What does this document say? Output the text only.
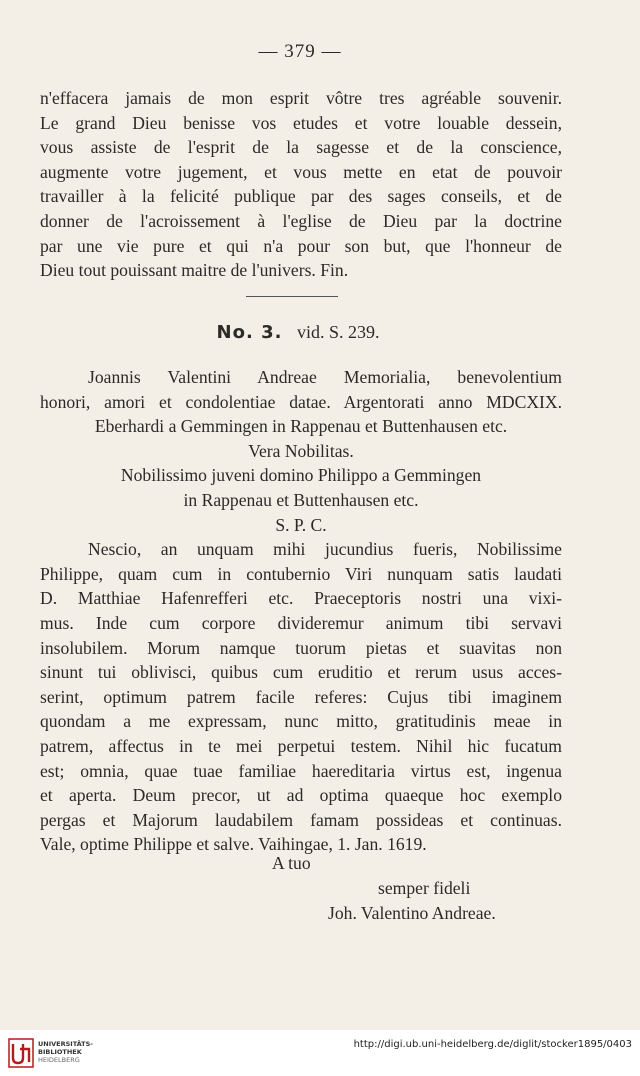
— 379 —
n'effacera jamais de mon esprit vôtre tres agréable souvenir.
Le grand Dieu benisse vos etudes et votre louable dessein,
vous assiste de l'esprit de la sagesse et de la conscience,
augmente votre jugement, et vous mette en etat de pouvoir
travailler à la felicité publique par des sages conseils, et de
donner de l'acroissement à l'eglise de Dieu par la doctrine
par une vie pure et qui n'a pour son but, que l'honneur de
Dieu tout pouissant maitre de l'univers. Fin.
No. 3. vid. S. 239.
Joannis Valentini Andreae Memorialia, benevolentium
honori, amori et condolentiae datae. Argentorati anno MDCXIX.
Eberhardi a Gemmingen in Rappenau et Buttenhausen etc.
Vera Nobilitas.
Nobilissimo juveni domino Philippo a Gemmingen
in Rappenau et Buttenhausen etc.
S. P. C.
Nescio, an unquam mihi jucundius fueris, Nobilissime
Philippe, quam cum in contubernio Viri nunquam satis laudati
D. Matthiae Hafenrefferi etc. Praeceptoris nostri una vixi-
mus. Inde cum corpore divideremur animum tibi servavi
insolubilem. Morum namque tuorum pietas et suavitas non
sinunt tui oblivisci, quibus cum eruditio et rerum usus acces-
serint, optimum patrem facile referes: Cujus tibi imaginem
quondam a me expressam, nunc mitto, gratitudinis meae in
patrem, affectus in te mei perpetui testem. Nihil hic fucatum
est; omnia, quae tuae familiae haereditaria virtus est, ingenua
et aperta. Deum precor, ut ad optima quaeque hoc exemplo
pergas et Majorum laudabilem famam possideas et continuas.
Vale, optime Philippe et salve. Vaihingae, 1. Jan. 1619.
A tuo
semper fideli
Joh. Valentino Andreae.
UNIVERSITÄTS-
BIBLIOTHEK
HEIDELBERG
http://digi.ub.uni-heidelberg.de/diglit/stocker1895/0403
